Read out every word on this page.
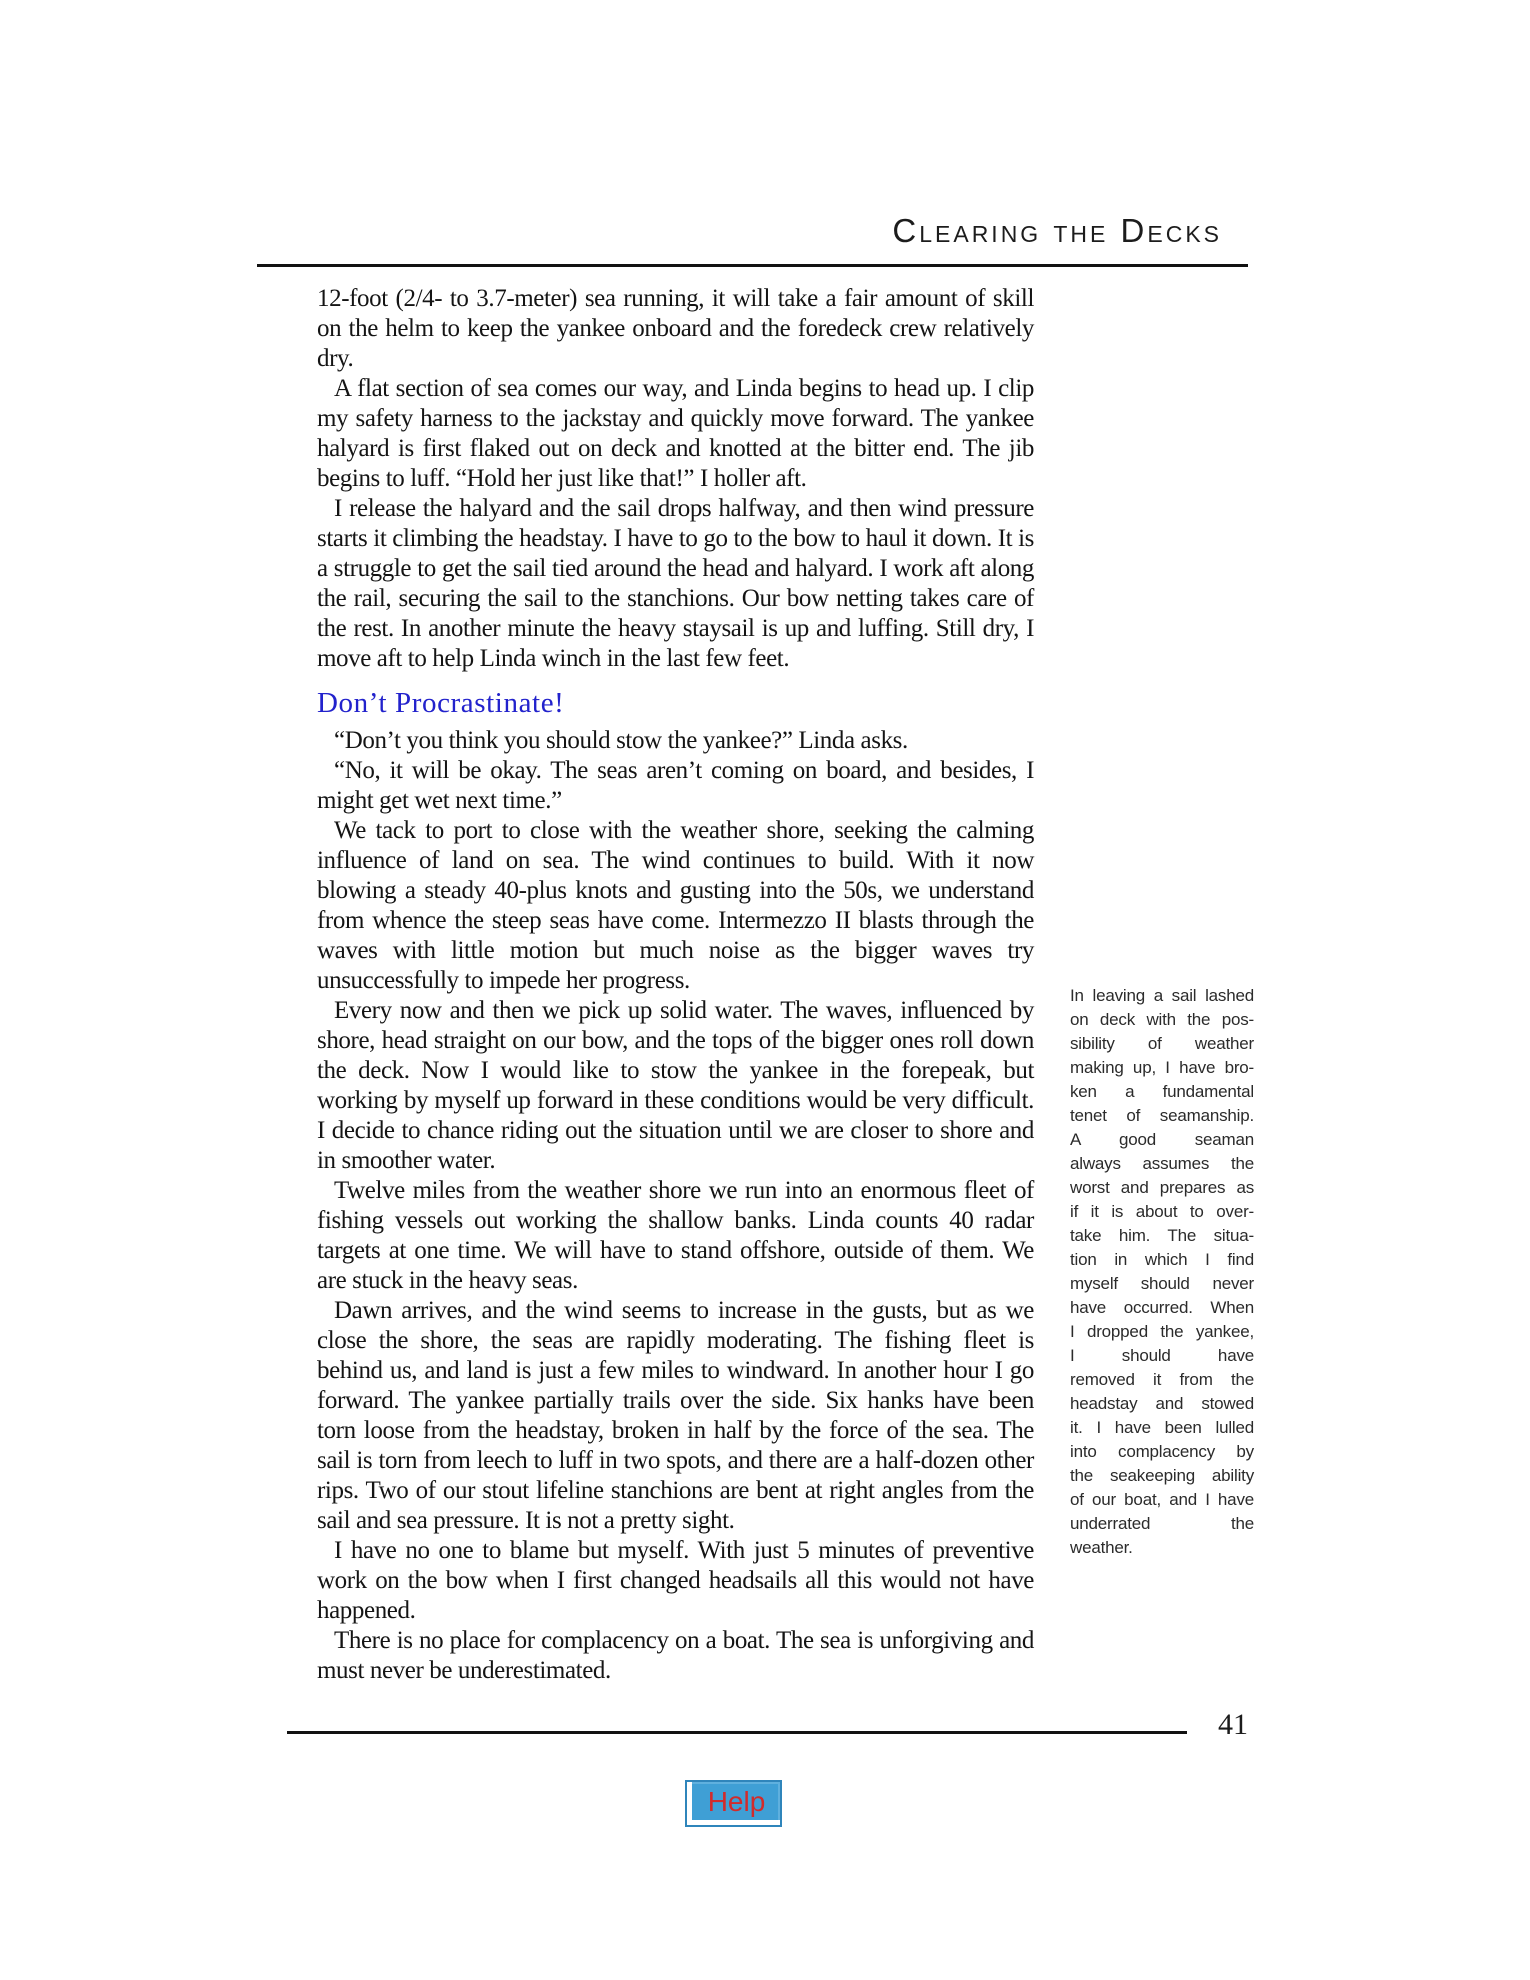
Clearing the Decks

12-foot (2/4- to 3.7-meter) sea running, it will take a fair amount of skill on the helm to keep the yankee onboard and the foredeck crew relatively dry.

A flat section of sea comes our way, and Linda begins to head up. I clip my safety harness to the jackstay and quickly move forward. The yankee halyard is first flaked out on deck and knotted at the bitter end. The jib begins to luff. “Hold her just like that!” I holler aft.

I release the halyard and the sail drops halfway, and then wind pressure starts it climbing the headstay. I have to go to the bow to haul it down. It is a struggle to get the sail tied around the head and halyard. I work aft along the rail, securing the sail to the stanchions. Our bow netting takes care of the rest. In another minute the heavy staysail is up and luffing. Still dry, I move aft to help Linda winch in the last few feet.

Don’t Procrastinate!

“Don’t you think you should stow the yankee?” Linda asks.

“No, it will be okay. The seas aren’t coming on board, and besides, I might get wet next time.”

We tack to port to close with the weather shore, seeking the calming influence of land on sea. The wind continues to build. With it now blowing a steady 40-plus knots and gusting into the 50s, we understand from whence the steep seas have come. Intermezzo II blasts through the waves with little motion but much noise as the bigger waves try unsuccessfully to impede her progress.

Every now and then we pick up solid water. The waves, influenced by shore, head straight on our bow, and the tops of the bigger ones roll down the deck. Now I would like to stow the yankee in the forepeak, but working by myself up forward in these conditions would be very difficult. I decide to chance riding out the situation until we are closer to shore and in smoother water.

Twelve miles from the weather shore we run into an enormous fleet of fishing vessels out working the shallow banks. Linda counts 40 radar targets at one time. We will have to stand offshore, outside of them. We are stuck in the heavy seas.

Dawn arrives, and the wind seems to increase in the gusts, but as we close the shore, the seas are rapidly moderating. The fishing fleet is behind us, and land is just a few miles to windward. In another hour I go forward. The yankee partially trails over the side. Six hanks have been torn loose from the headstay, broken in half by the force of the sea. The sail is torn from leech to luff in two spots, and there are a half-dozen other rips. Two of our stout lifeline stanchions are bent at right angles from the sail and sea pressure. It is not a pretty sight.

I have no one to blame but myself. With just 5 minutes of preventive work on the bow when I first changed headsails all this would not have happened.

There is no place for complacency on a boat. The sea is unforgiving and must never be underestimated.

In leaving a sail lashed
on deck with the pos-
sibility of weather
making up, I have bro-
ken a fundamental
tenet of seamanship.
A good seaman
always assumes the
worst and prepares as
if it is about to over-
take him. The situa-
tion in which I find
myself should never
have occurred. When
I dropped the yankee,
I should have
removed it from the
headstay and stowed
it. I have been lulled
into complacency by
the seakeeping ability
of our boat, and I have
underrated the
weather.
41
Help
